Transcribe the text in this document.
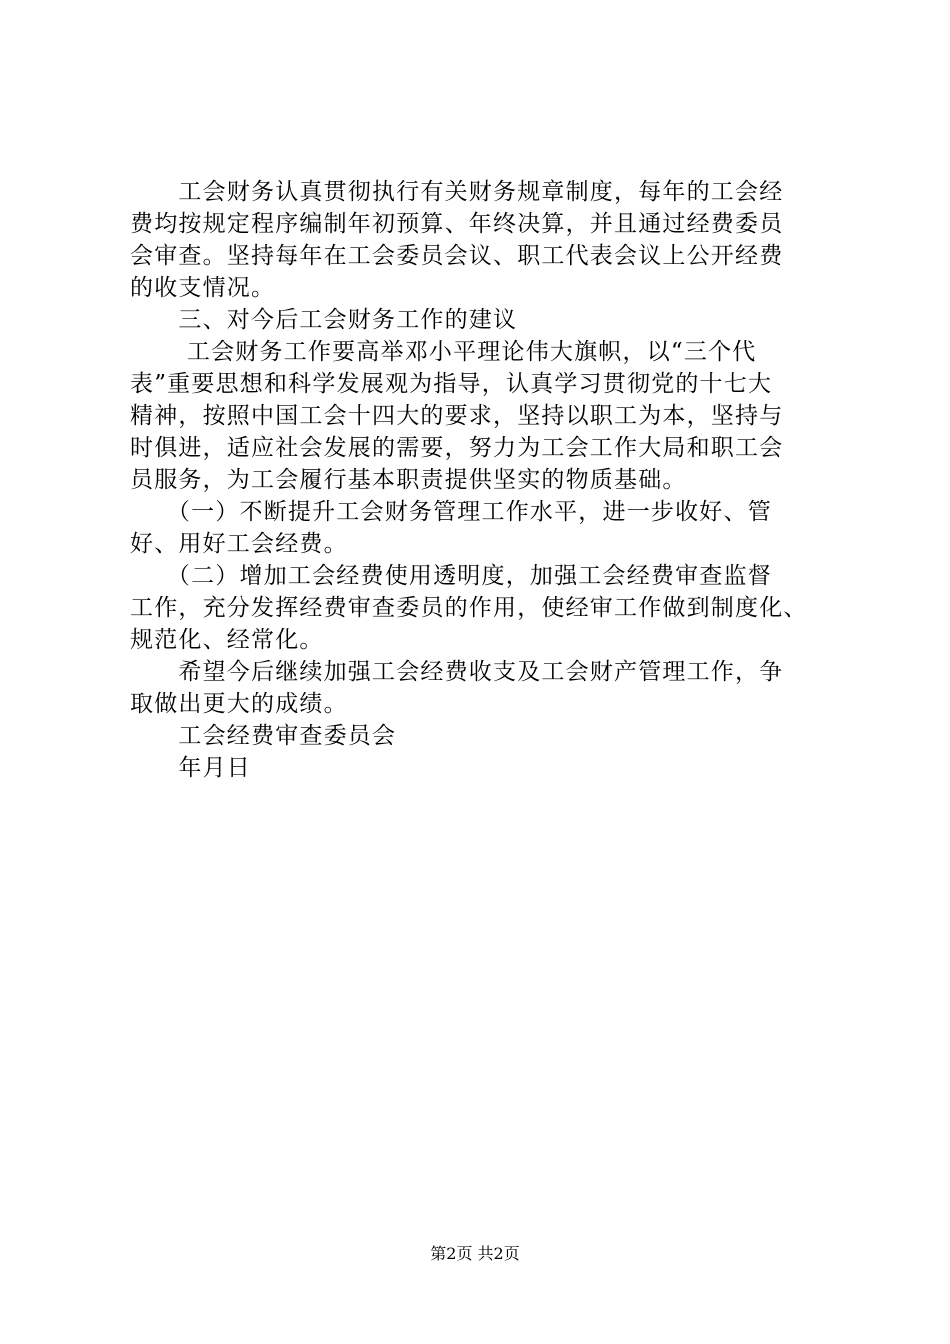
　　工会财务认真贯彻执行有关财务规章制度，每年的工会经
费均按规定程序编制年初预算、年终决算，并且通过经费委员
会审查。坚持每年在工会委员会议、职工代表会议上公开经费
的收支情况。
　　三、对今后工会财务工作的建议
　　 工会财务工作要高举邓小平理论伟大旗帜，以“三个代
表”重要思想和科学发展观为指导，认真学习贯彻党的十七大
精神，按照中国工会十四大的要求，坚持以职工为本，坚持与
时俱进，适应社会发展的需要，努力为工会工作大局和职工会
员服务，为工会履行基本职责提供坚实的物质基础。
　　（一）不断提升工会财务管理工作水平，进一步收好、管
好、用好工会经费。
　　（二）增加工会经费使用透明度，加强工会经费审查监督
工作，充分发挥经费审查委员的作用，使经审工作做到制度化、
规范化、经常化。
　　希望今后继续加强工会经费收支及工会财产管理工作，争
取做出更大的成绩。
　　工会经费审查委员会
　　年月日
第2页 共2页
